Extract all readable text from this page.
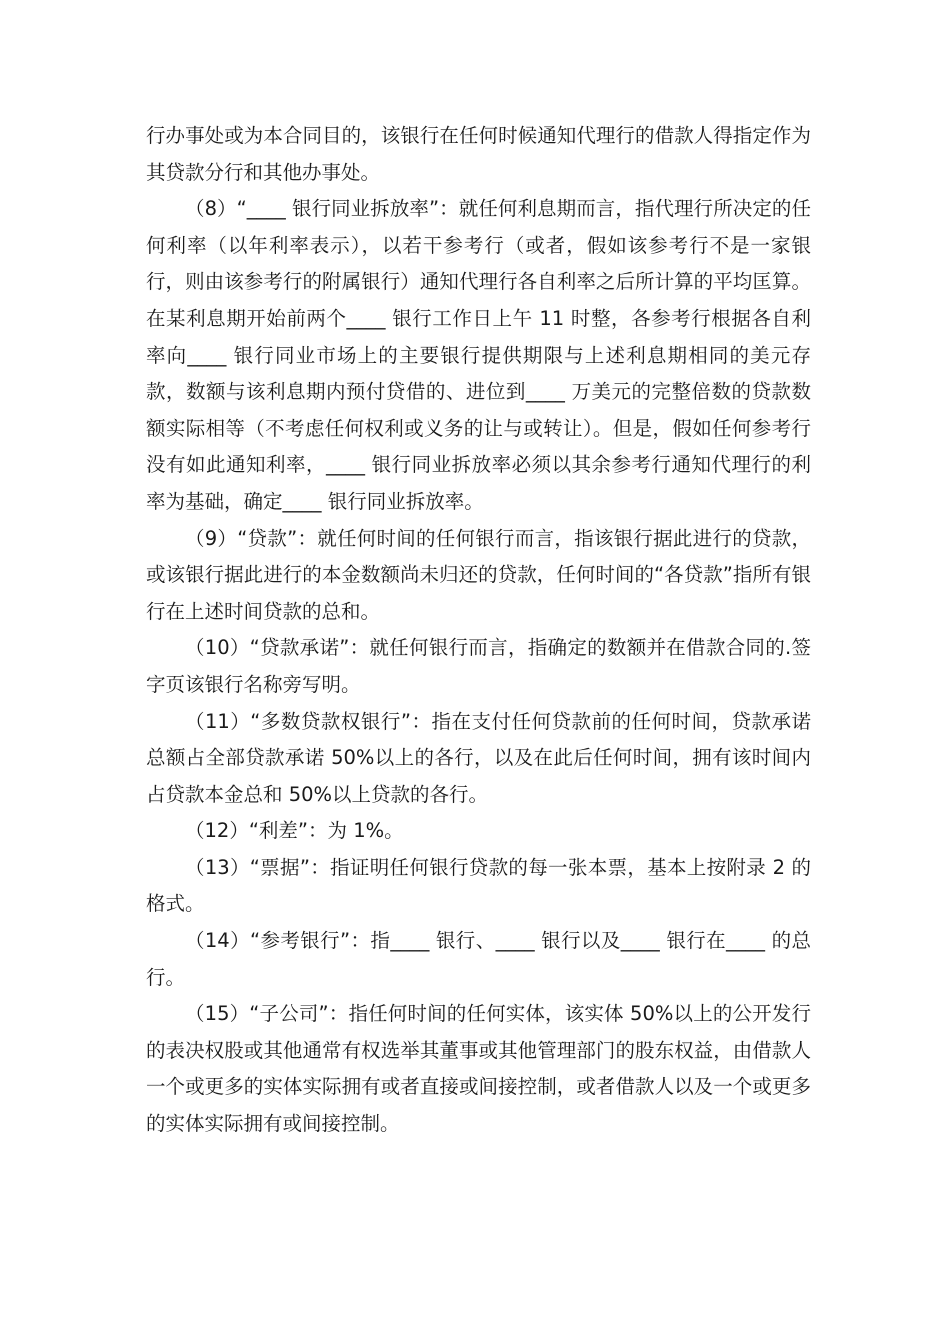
行办事处或为本合同目的，该银行在任何时候通知代理行的借款人得指定作为其贷款分行和其他办事处。

（8）“____ 银行同业拆放率”：就任何利息期而言，指代理行所决定的任何利率（以年利率表示），以若干参考行（或者，假如该参考行不是一家银行，则由该参考行的附属银行）通知代理行各自利率之后所计算的平均匡算。在某利息期开始前两个____ 银行工作日上午 11 时整，各参考行根据各自利率向____ 银行同业市场上的主要银行提供期限与上述利息期相同的美元存款，数额与该利息期内预付贷借的、进位到____ 万美元的完整倍数的贷款数额实际相等（不考虑任何权利或义务的让与或转让）。但是，假如任何参考行没有如此通知利率，____ 银行同业拆放率必须以其余参考行通知代理行的利率为基础，确定____ 银行同业拆放率。

（9）“贷款”：就任何时间的任何银行而言，指该银行据此进行的贷款，或该银行据此进行的本金数额尚未归还的贷款，任何时间的“各贷款”指所有银行在上述时间贷款的总和。

（10）“贷款承诺”：就任何银行而言，指确定的数额并在借款合同的.签字页该银行名称旁写明。

（11）“多数贷款权银行”：指在支付任何贷款前的任何时间，贷款承诺总额占全部贷款承诺 50%以上的各行，以及在此后任何时间，拥有该时间内占贷款本金总和 50%以上贷款的各行。

（12）“利差”：为 1%。

（13）“票据”：指证明任何银行贷款的每一张本票，基本上按附录 2 的格式。

（14）“参考银行”：指____ 银行、____ 银行以及____ 银行在____ 的总行。

（15）“子公司”：指任何时间的任何实体，该实体 50%以上的公开发行的表决权股或其他通常有权选举其董事或其他管理部门的股东权益，由借款人一个或更多的实体实际拥有或者直接或间接控制，或者借款人以及一个或更多的实体实际拥有或间接控制。
